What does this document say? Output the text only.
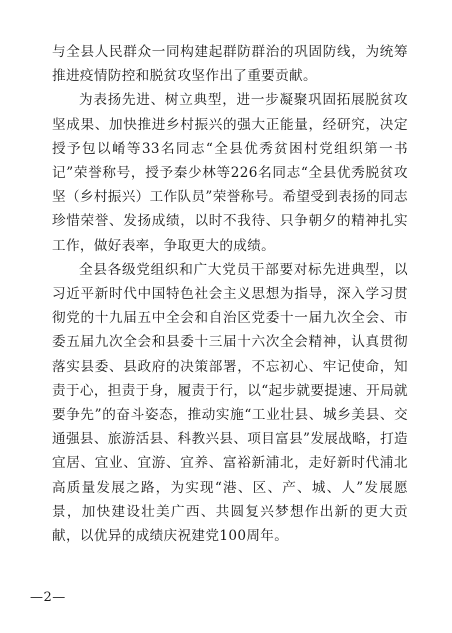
与全县人民群众一同构建起群防群治的巩固防线，为统筹推进疫情防控和脱贫攻坚作出了重要贡献。

为表扬先进、树立典型，进一步凝聚巩固拓展脱贫攻坚成果、加快推进乡村振兴的强大正能量，经研究，决定授予包以崤等33名同志“全县优秀贫困村党组织第一书记”荣誉称号，授予秦少林等226名同志“全县优秀脱贫攻坚（乡村振兴）工作队员”荣誉称号。希望受到表扬的同志珍惜荣誉、发扬成绩，以时不我待、只争朝夕的精神扎实工作，做好表率，争取更大的成绩。

全县各级党组织和广大党员干部要对标先进典型，以习近平新时代中国特色社会主义思想为指导，深入学习贯彻党的十九届五中全会和自治区党委十一届九次全会、市委五届九次全会和县委十三届十六次全会精神，认真贯彻落实县委、县政府的决策部署，不忘初心、牢记使命，知责于心，担责于身，履责于行，以“起步就要提速、开局就要争先”的奋斗姿态，推动实施“工业壮县、城乡美县、交通强县、旅游活县、科教兴县、项目富县”发展战略，打造宜居、宜业、宜游、宜养、富裕新浦北，走好新时代浦北高质量发展之路，为实现“港、区、产、城、人”发展愿景，加快建设壮美广西、共圆复兴梦想作出新的更大贡献，以优异的成绩庆祝建党100周年。

—2—
